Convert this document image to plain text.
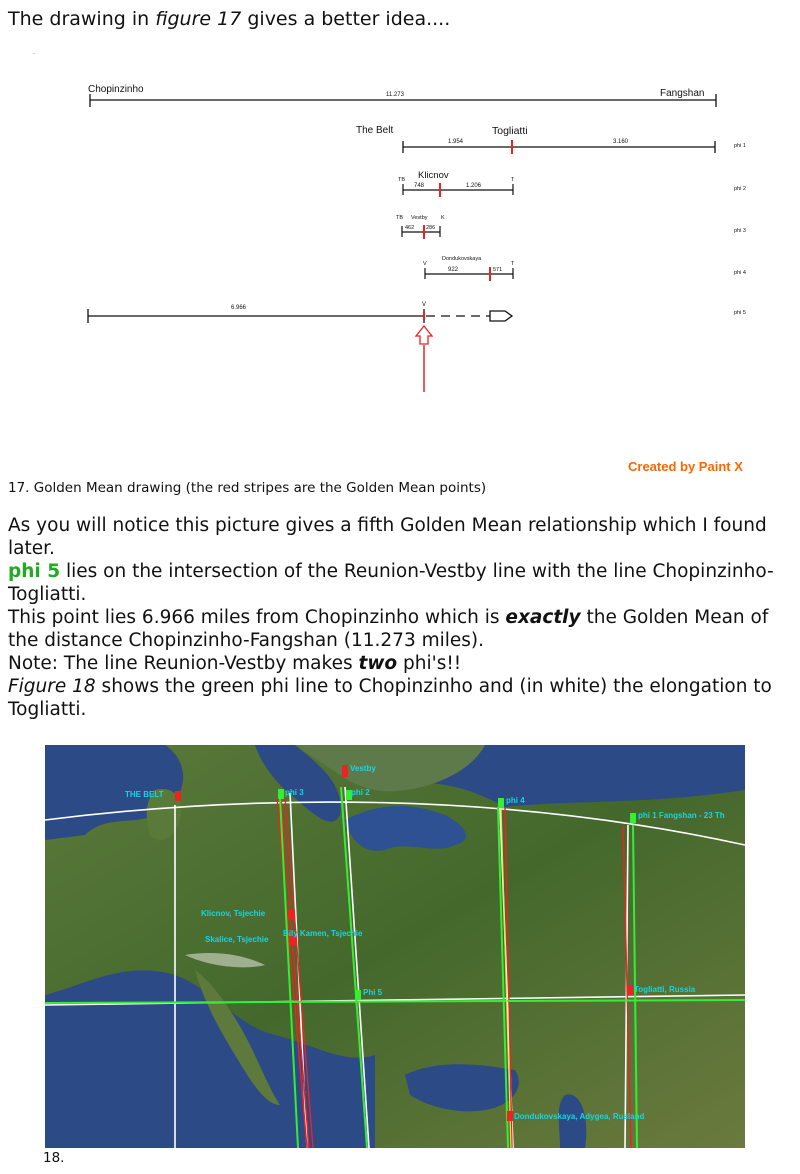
The drawing in figure 17 gives a better idea....
·
Chopinzinho	Fangshan
11.273
The Belt	Togliatti
1.954	3.160
phi 1
Klicnov
TB	T
748	1.206	phi 2
TB Vestby K
462 286	phi 3
Dondukovskaya
V	T
922	571	phi 4
6.966	V
phi 5
Created by Paint X
17. Golden Mean drawing (the red stripes are the Golden Mean points)

As you will notice this picture gives a fifth Golden Mean relationship which I found later.

phi 5 lies on the intersection of the Reunion-Vestby line with the line Chopinzinho-Togliatti.

This point lies 6.966 miles from Chopinzinho which is exactly the Golden Mean of the distance Chopinzinho-Fangshan (11.273 miles).

Note: The line Reunion-Vestby makes two phi's!!

Figure 18 shows the green phi line to Chopinzinho and (in white) the elongation to Togliatti.

THE BELT	phi 3
Vestby
phi 2
phi 4
phi 1 Fangshan - 23 Th
Klicnov, Tsjechie
Skalice, Tsjechie
Bily Kamen, Tsjechie
Phi 5	Togliatti, Russia
Dondukovskaya, Adygea, Rusland
18.
